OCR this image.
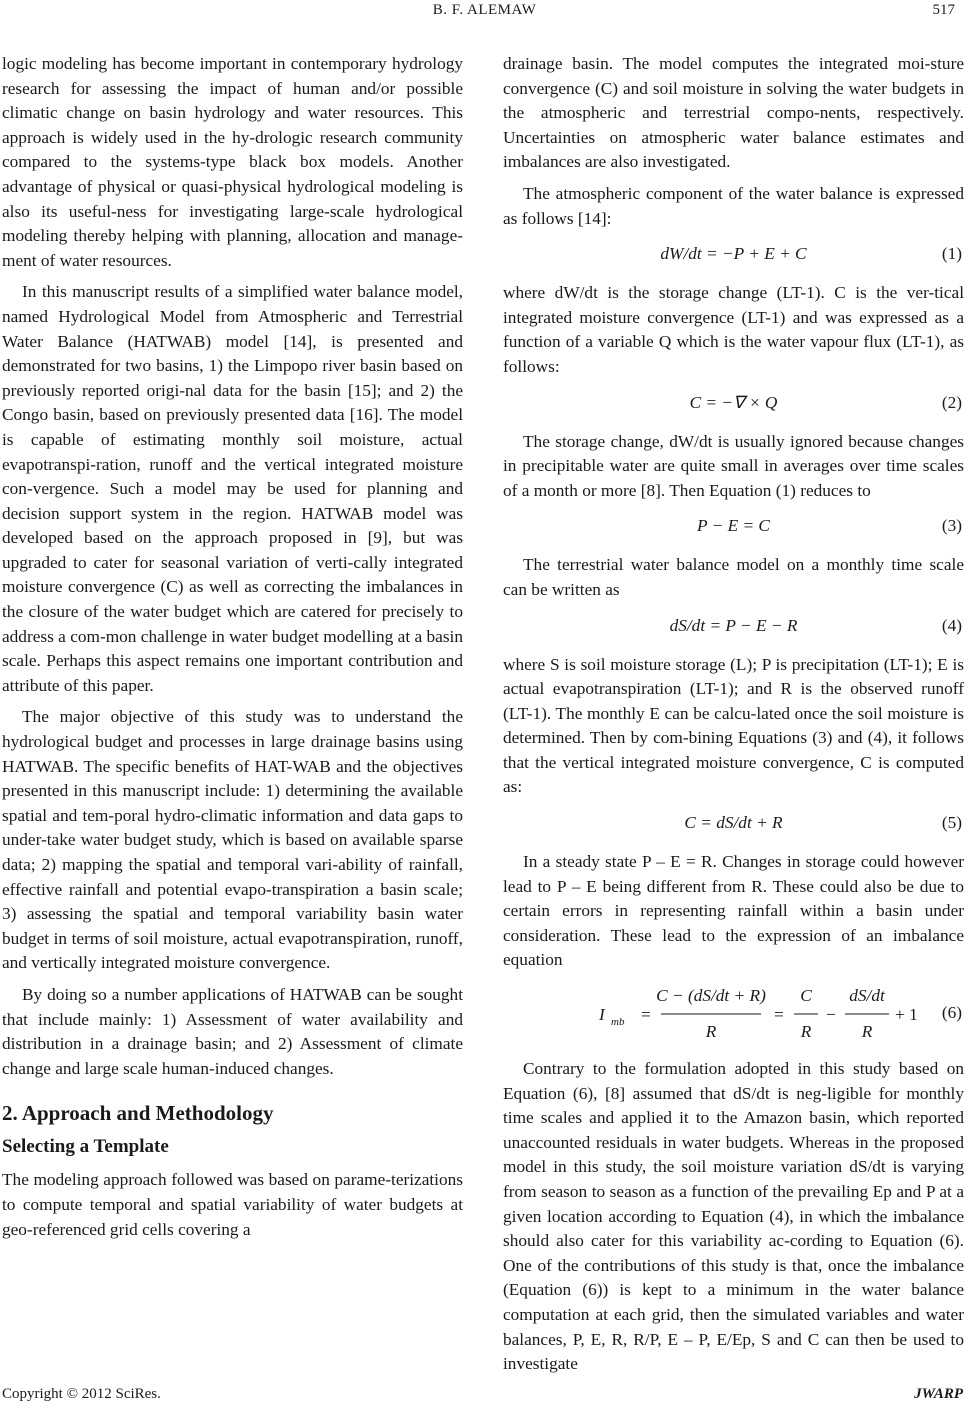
B. F. ALEMAW	517

logic modeling has become important in contemporary hydrology research for assessing the impact of human and/or possible climatic change on basin hydrology and water resources. This approach is widely used in the hy-drologic research community compared to the systems-type black box models. Another advantage of physical or quasi-physical hydrological modeling is also its useful-ness for investigating large-scale hydrological modeling thereby helping with planning, allocation and manage-ment of water resources.

In this manuscript results of a simplified water balance model, named Hydrological Model from Atmospheric and Terrestrial Water Balance (HATWAB) model [14], is presented and demonstrated for two basins, 1) the Limpopo river basin based on previously reported origi-nal data for the basin [15]; and 2) the Congo basin, based on previously presented data [16]. The model is capable of estimating monthly soil moisture, actual evapotranspi-ration, runoff and the vertical integrated moisture con-vergence. Such a model may be used for planning and decision support system in the region. HATWAB model was developed based on the approach proposed in [9], but was upgraded to cater for seasonal variation of verti-cally integrated moisture convergence (C) as well as correcting the imbalances in the closure of the water budget which are catered for precisely to address a com-mon challenge in water budget modelling at a basin scale. Perhaps this aspect remains one important contribution and attribute of this paper.

The major objective of this study was to understand the hydrological budget and processes in large drainage basins using HATWAB. The specific benefits of HAT-WAB and the objectives presented in this manuscript include: 1) determining the available spatial and tem-poral hydro-climatic information and data gaps to under-take water budget study, which is based on available sparse data; 2) mapping the spatial and temporal vari-ability of rainfall, effective rainfall and potential evapo-transpiration a basin scale; 3) assessing the spatial and temporal variability basin water budget in terms of soil moisture, actual evapotranspiration, runoff, and vertically integrated moisture convergence.

By doing so a number applications of HATWAB can be sought that include mainly: 1) Assessment of water availability and distribution in a drainage basin; and 2) Assessment of climate change and large scale human-induced changes.

2. Approach and Methodology
Selecting a Template

The modeling approach followed was based on parame-terizations to compute temporal and spatial variability of water budgets at geo-referenced grid cells covering a

drainage basin. The model computes the integrated moi-sture convergence (C) and soil moisture in solving the water budgets in the atmospheric and terrestrial compo-nents, respectively. Uncertainties on atmospheric water balance estimates and imbalances are also investigated.

The atmospheric component of the water balance is expressed as follows [14]:

dW/dt = −P + E + C	(1)

where dW/dt is the storage change (LT-1). C is the ver-tical integrated moisture convergence (LT-1) and was expressed as a function of a variable Q which is the water vapour flux (LT-1), as follows:

C = −∇ × Q	(2)

The storage change, dW/dt is usually ignored because changes in precipitable water are quite small in averages over time scales of a month or more [8]. Then Equation (1) reduces to

P − E = C	(3)

The terrestrial water balance model on a monthly time scale can be written as

dS/dt = P − E − R	(4)

where S is soil moisture storage (L); P is precipitation (LT-1); E is actual evapotranspiration (LT-1); and R is the observed runoff (LT-1). The monthly E can be calcu-lated once the soil moisture is determined. Then by com-bining Equations (3) and (4), it follows that the vertical integrated moisture convergence, C is computed as:

C = dS/dt + R	(5)

In a steady state P – E = R. Changes in storage could however lead to P – E being different from R. These could also be due to certain errors in representing rainfall within a basin under consideration. These lead to the expression of an imbalance equation

I mb =
C − (dS/dt + R)
R
=
C
R
−
dS/dt
R
+ 1 (6)

Contrary to the formulation adopted in this study based on Equation (6), [8] assumed that dS/dt is neg-ligible for monthly time scales and applied it to the Amazon basin, which reported unaccounted residuals in water budgets. Whereas in the proposed model in this study, the soil moisture variation dS/dt is varying from season to season as a function of the prevailing Ep and P at a given location according to Equation (4), in which the imbalance should also cater for this variability ac-cording to Equation (6). One of the contributions of this study is that, once the imbalance (Equation (6)) is kept to a minimum in the water balance computation at each grid, then the simulated variables and water balances, P, E, R, R/P, E – P, E/Ep, S and C can then be used to investigate

Copyright © 2012 SciRes.	JWARP
